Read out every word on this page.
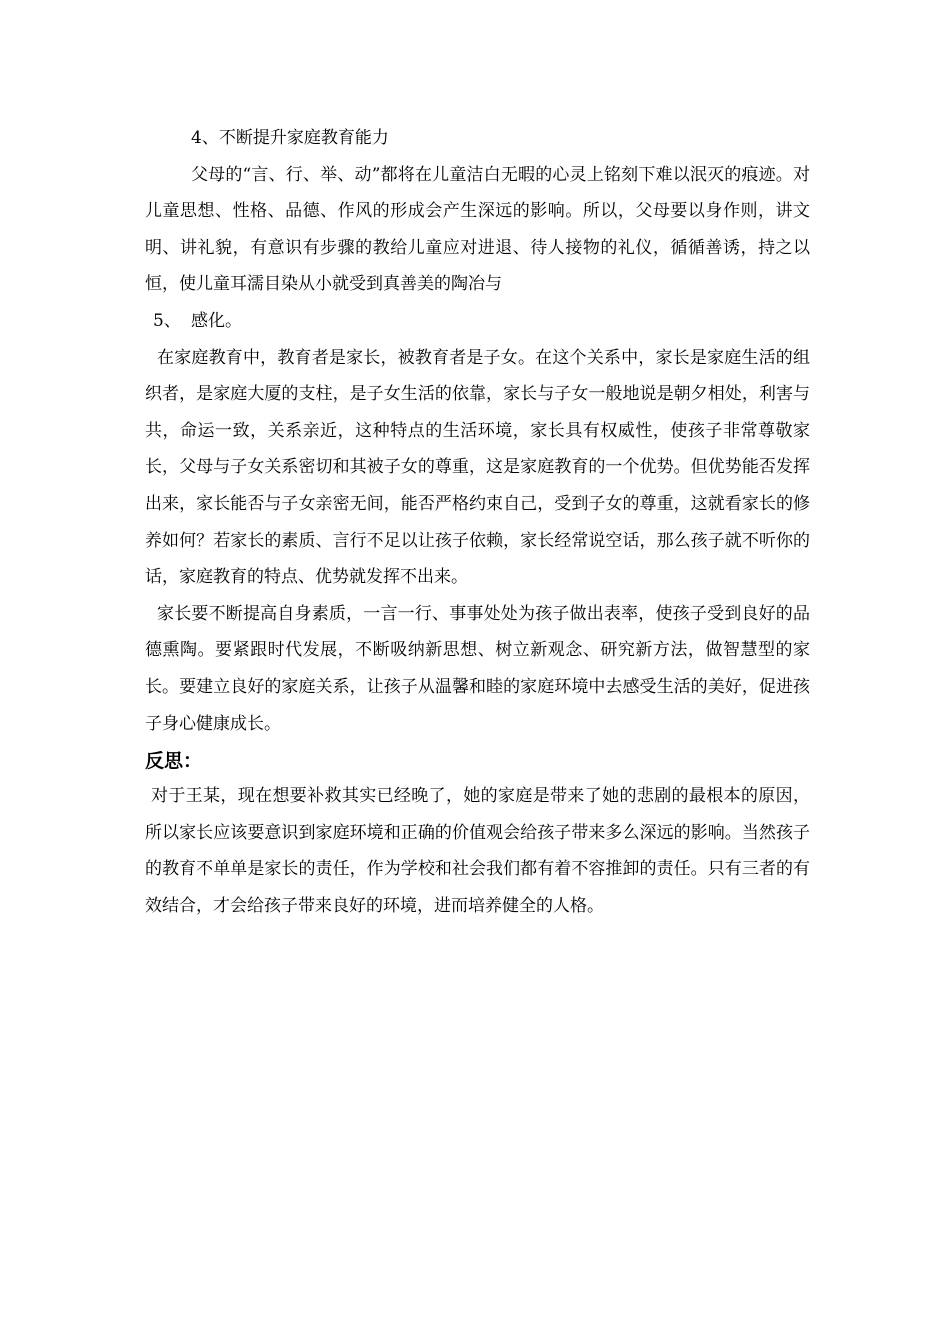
4、不断提升家庭教育能力

父母的“言、行、举、动”都将在儿童洁白无暇的心灵上铭刻下难以泯灭的痕迹。对儿童思想、性格、品德、作风的形成会产生深远的影响。所以，父母要以身作则，讲文明、讲礼貌，有意识有步骤的教给儿童应对进退、待人接物的礼仪，循循善诱，持之以恒，使儿童耳濡目染从小就受到真善美的陶冶与

5、 感化。

在家庭教育中，教育者是家长，被教育者是子女。在这个关系中，家长是家庭生活的组织者，是家庭大厦的支柱，是子女生活的依靠，家长与子女一般地说是朝夕相处，利害与共，命运一致，关系亲近，这种特点的生活环境，家长具有权威性，使孩子非常尊敬家长，父母与子女关系密切和其被子女的尊重，这是家庭教育的一个优势。但优势能否发挥出来，家长能否与子女亲密无间，能否严格约束自己，受到子女的尊重，这就看家长的修养如何？若家长的素质、言行不足以让孩子依赖，家长经常说空话，那么孩子就不听你的话，家庭教育的特点、优势就发挥不出来。

家长要不断提高自身素质，一言一行、事事处处为孩子做出表率，使孩子受到良好的品德熏陶。要紧跟时代发展，不断吸纳新思想、树立新观念、研究新方法，做智慧型的家长。要建立良好的家庭关系，让孩子从温馨和睦的家庭环境中去感受生活的美好，促进孩子身心健康成长。

反思：

对于王某，现在想要补救其实已经晚了，她的家庭是带来了她的悲剧的最根本的原因，所以家长应该要意识到家庭环境和正确的价值观会给孩子带来多么深远的影响。当然孩子的教育不单单是家长的责任，作为学校和社会我们都有着不容推卸的责任。只有三者的有效结合，才会给孩子带来良好的环境，进而培养健全的人格。
